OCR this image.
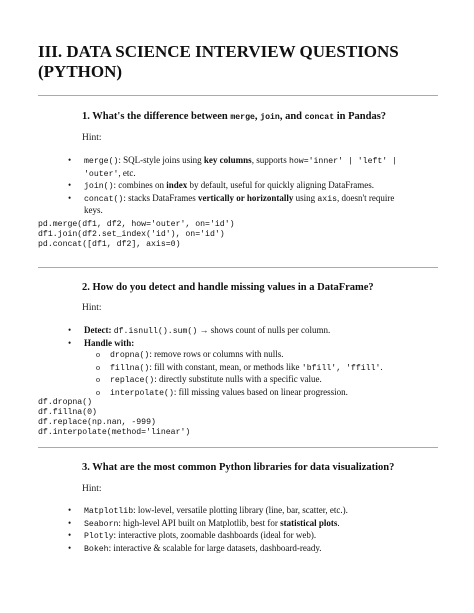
III. DATA SCIENCE INTERVIEW QUESTIONS

(PYTHON)

1. What's the difference between merge, join, and concat in Pandas?

Hint:

• merge(): SQL-style joins using key columns, supports how='inner' | 'left' |
'outer', etc.
• join(): combines on index by default, useful for quickly aligning DataFrames.
• concat(): stacks DataFrames vertically or horizontally using axis, doesn't require
keys.
pd.merge(df1, df2, how='outer', on='id')
df1.join(df2.set_index('id'), on='id')
pd.concat([df1, df2], axis=0)

2. How do you detect and handle missing values in a DataFrame?

Hint:

• Detect: df.isnull().sum() → shows count of nulls per column.
• Handle with:
o dropna(): remove rows or columns with nulls.
o fillna(): fill with constant, mean, or methods like 'bfill', 'ffill'.
o replace(): directly substitute nulls with a specific value.
o interpolate(): fill missing values based on linear progression.
df.dropna()
df.fillna(0)
df.replace(np.nan, -999)
df.interpolate(method='linear')

3. What are the most common Python libraries for data visualization?

Hint:

• Matplotlib: low-level, versatile plotting library (line, bar, scatter, etc.).
• Seaborn: high-level API built on Matplotlib, best for statistical plots.
• Plotly: interactive plots, zoomable dashboards (ideal for web).
• Bokeh: interactive & scalable for large datasets, dashboard-ready.
